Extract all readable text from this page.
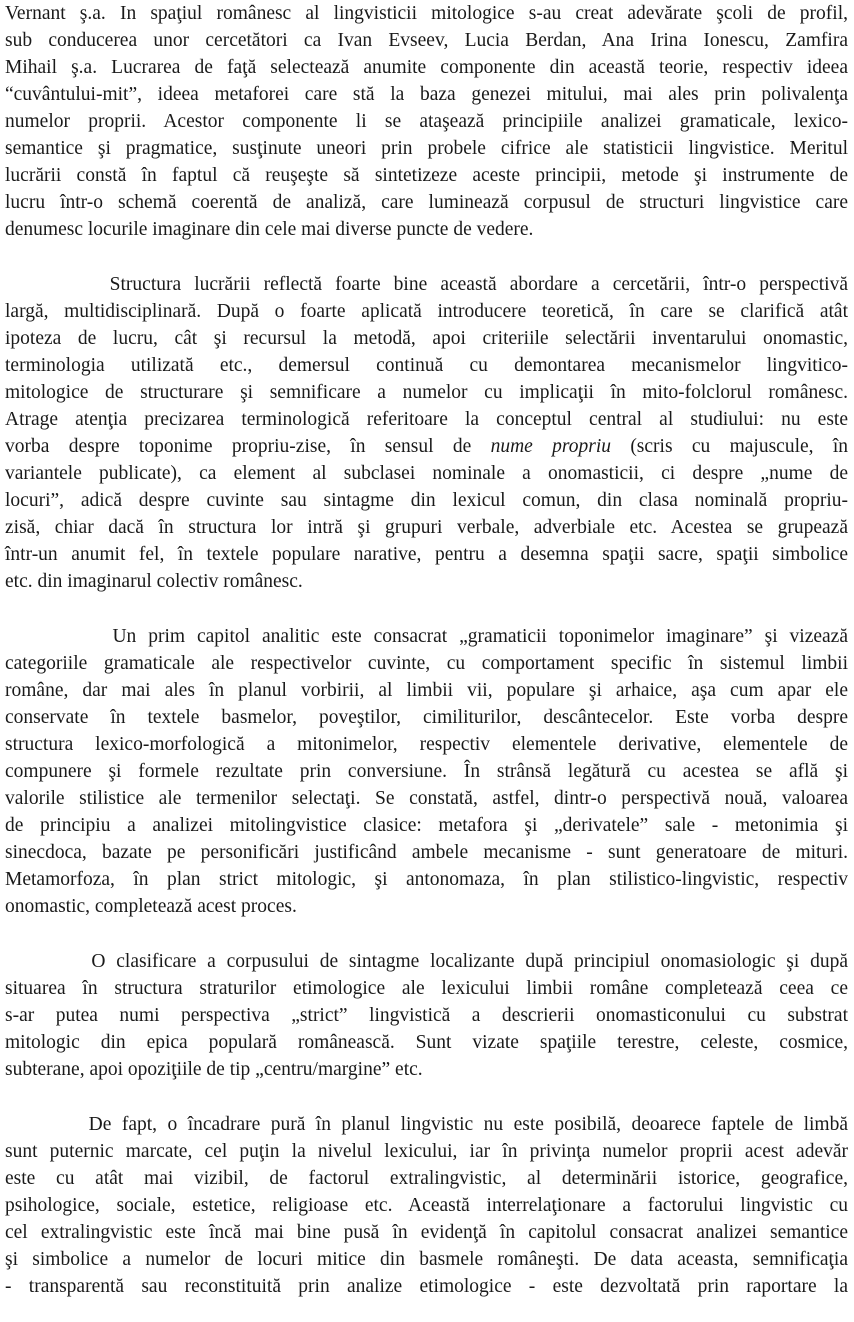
Vernant ş.a. In spaţiul românesc al lingvisticii mitologice s-au creat adevărate şcoli de profil,
sub conducerea unor cercetători ca Ivan Evseev, Lucia Berdan, Ana Irina Ionescu, Zamfira
Mihail ş.a. Lucrarea de faţă selectează anumite componente din această teorie, respectiv ideea
“cuvântului-mit”, ideea metaforei care stă la baza genezei mitului, mai ales prin polivalenţa
numelor proprii. Acestor componente li se ataşează principiile analizei gramaticale, lexico-
semantice şi pragmatice, susţinute uneori prin probele cifrice ale statisticii lingvistice. Meritul
lucrării constă în faptul că reuşeşte să sintetizeze aceste principii, metode şi instrumente de
lucru într-o schemă coerentă de analiză, care luminează corpusul de structuri lingvistice care
denumesc locurile imaginare din cele mai diverse puncte de vedere.
Structura lucrării reflectă foarte bine această abordare a cercetării, într-o perspectivă
largă, multidisciplinară. După o foarte aplicată introducere teoretică, în care se clarifică atât
ipoteza de lucru, cât şi recursul la metodă, apoi criteriile selectării inventarului onomastic,
terminologia utilizată etc., demersul continuă cu demontarea mecanismelor lingvitico-
mitologice de structurare şi semnificare a numelor cu implicaţii în mito-folclorul românesc.
Atrage atenţia precizarea terminologică referitoare la conceptul central al studiului: nu este
vorba despre toponime propriu-zise, în sensul de nume propriu (scris cu majuscule, în
variantele publicate), ca element al subclasei nominale a onomasticii, ci despre „nume de
locuri”, adică despre cuvinte sau sintagme din lexicul comun, din clasa nominală propriu-
zisă, chiar dacă în structura lor intră şi grupuri verbale, adverbiale etc. Acestea se grupează
într-un anumit fel, în textele populare narative, pentru a desemna spaţii sacre, spaţii simbolice
etc. din imaginarul colectiv românesc.
Un prim capitol analitic este consacrat „gramaticii toponimelor imaginare” şi vizează
categoriile gramaticale ale respectivelor cuvinte, cu comportament specific în sistemul limbii
române, dar mai ales în planul vorbirii, al limbii vii, populare şi arhaice, aşa cum apar ele
conservate în textele basmelor, poveştilor, cimiliturilor, descântecelor. Este vorba despre
structura lexico-morfologică a mitonimelor, respectiv elementele derivative, elementele de
compunere şi formele rezultate prin conversiune. În strânsă legătură cu acestea se află şi
valorile stilistice ale termenilor selectaţi. Se constată, astfel, dintr-o perspectivă nouă, valoarea
de principiu a analizei mitolingvistice clasice: metafora şi „derivatele” sale - metonimia şi
sinecdoca, bazate pe personificări justificând ambele mecanisme - sunt generatoare de mituri.
Metamorfoza, în plan strict mitologic, şi antonomaza, în plan stilistico-lingvistic, respectiv
onomastic, completează acest proces.
O clasificare a corpusului de sintagme localizante după principiul onomasiologic şi după
situarea în structura straturilor etimologice ale lexicului limbii române completează ceea ce
s-ar putea numi perspectiva „strict” lingvistică a descrierii onomasticonului cu substrat
mitologic din epica populară românească. Sunt vizate spaţiile terestre, celeste, cosmice,
subterane, apoi opoziţiile de tip „centru/margine” etc.
De fapt, o încadrare pură în planul lingvistic nu este posibilă, deoarece faptele de limbă
sunt puternic marcate, cel puţin la nivelul lexicului, iar în privinţa numelor proprii acest adevăr
este cu atât mai vizibil, de factorul extralingvistic, al determinării istorice, geografice,
psihologice, sociale, estetice, religioase etc. Această interrelaţionare a factorului lingvistic cu
cel extralingvistic este încă mai bine pusă în evidenţă în capitolul consacrat analizei semantice
şi simbolice a numelor de locuri mitice din basmele româneşti. De data aceasta, semnificaţia
- transparentă sau reconstituită prin analize etimologice - este dezvoltată prin raportare la
